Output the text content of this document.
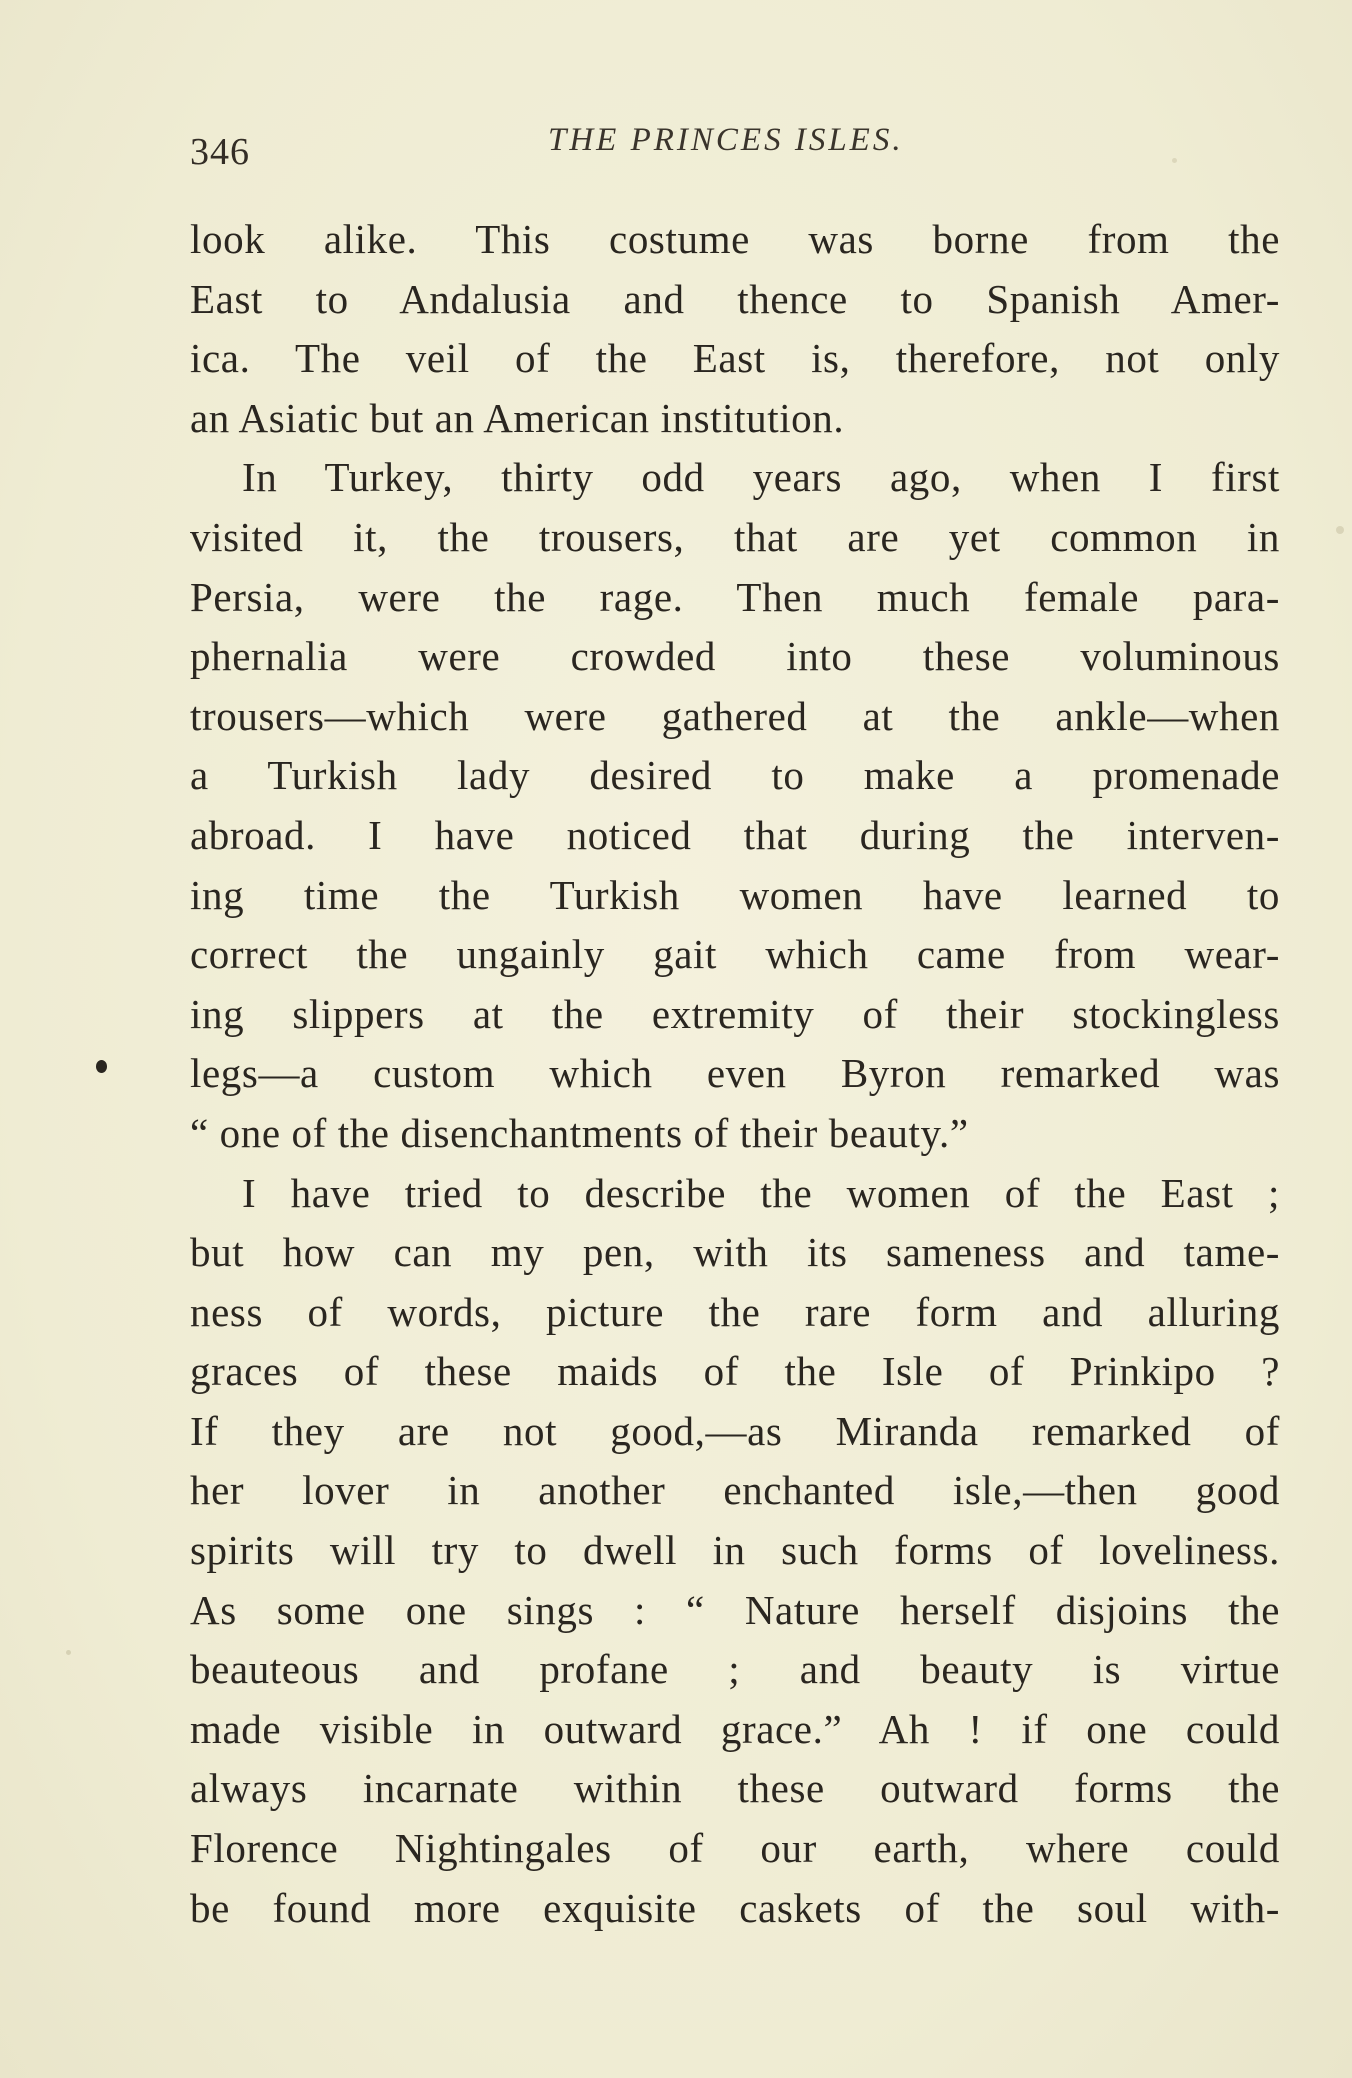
346	THE PRINCES ISLES.
look alike. This costume was borne from the
East to Andalusia and thence to Spanish Amer-
ica. The veil of the East is, therefore, not only
an Asiatic but an American institution.
In Turkey, thirty odd years ago, when I first
visited it, the trousers, that are yet common in
Persia, were the rage. Then much female para-
phernalia were crowded into these voluminous
trousers—which were gathered at the ankle—when
a Turkish lady desired to make a promenade
abroad. I have noticed that during the interven-
ing time the Turkish women have learned to
correct the ungainly gait which came from wear-
ing slippers at the extremity of their stockingless
legs—a custom which even Byron remarked was
“ one of the disenchantments of their beauty.”
I have tried to describe the women of the East ;
but how can my pen, with its sameness and tame-
ness of words, picture the rare form and alluring
graces of these maids of the Isle of Prinkipo ?
If they are not good,—as Miranda remarked of
her lover in another enchanted isle,—then good
spirits will try to dwell in such forms of loveliness.
As some one sings : “ Nature herself disjoins the
beauteous and profane ; and beauty is virtue
made visible in outward grace.” Ah ! if one could
always incarnate within these outward forms the
Florence Nightingales of our earth, where could
be found more exquisite caskets of the soul with-
